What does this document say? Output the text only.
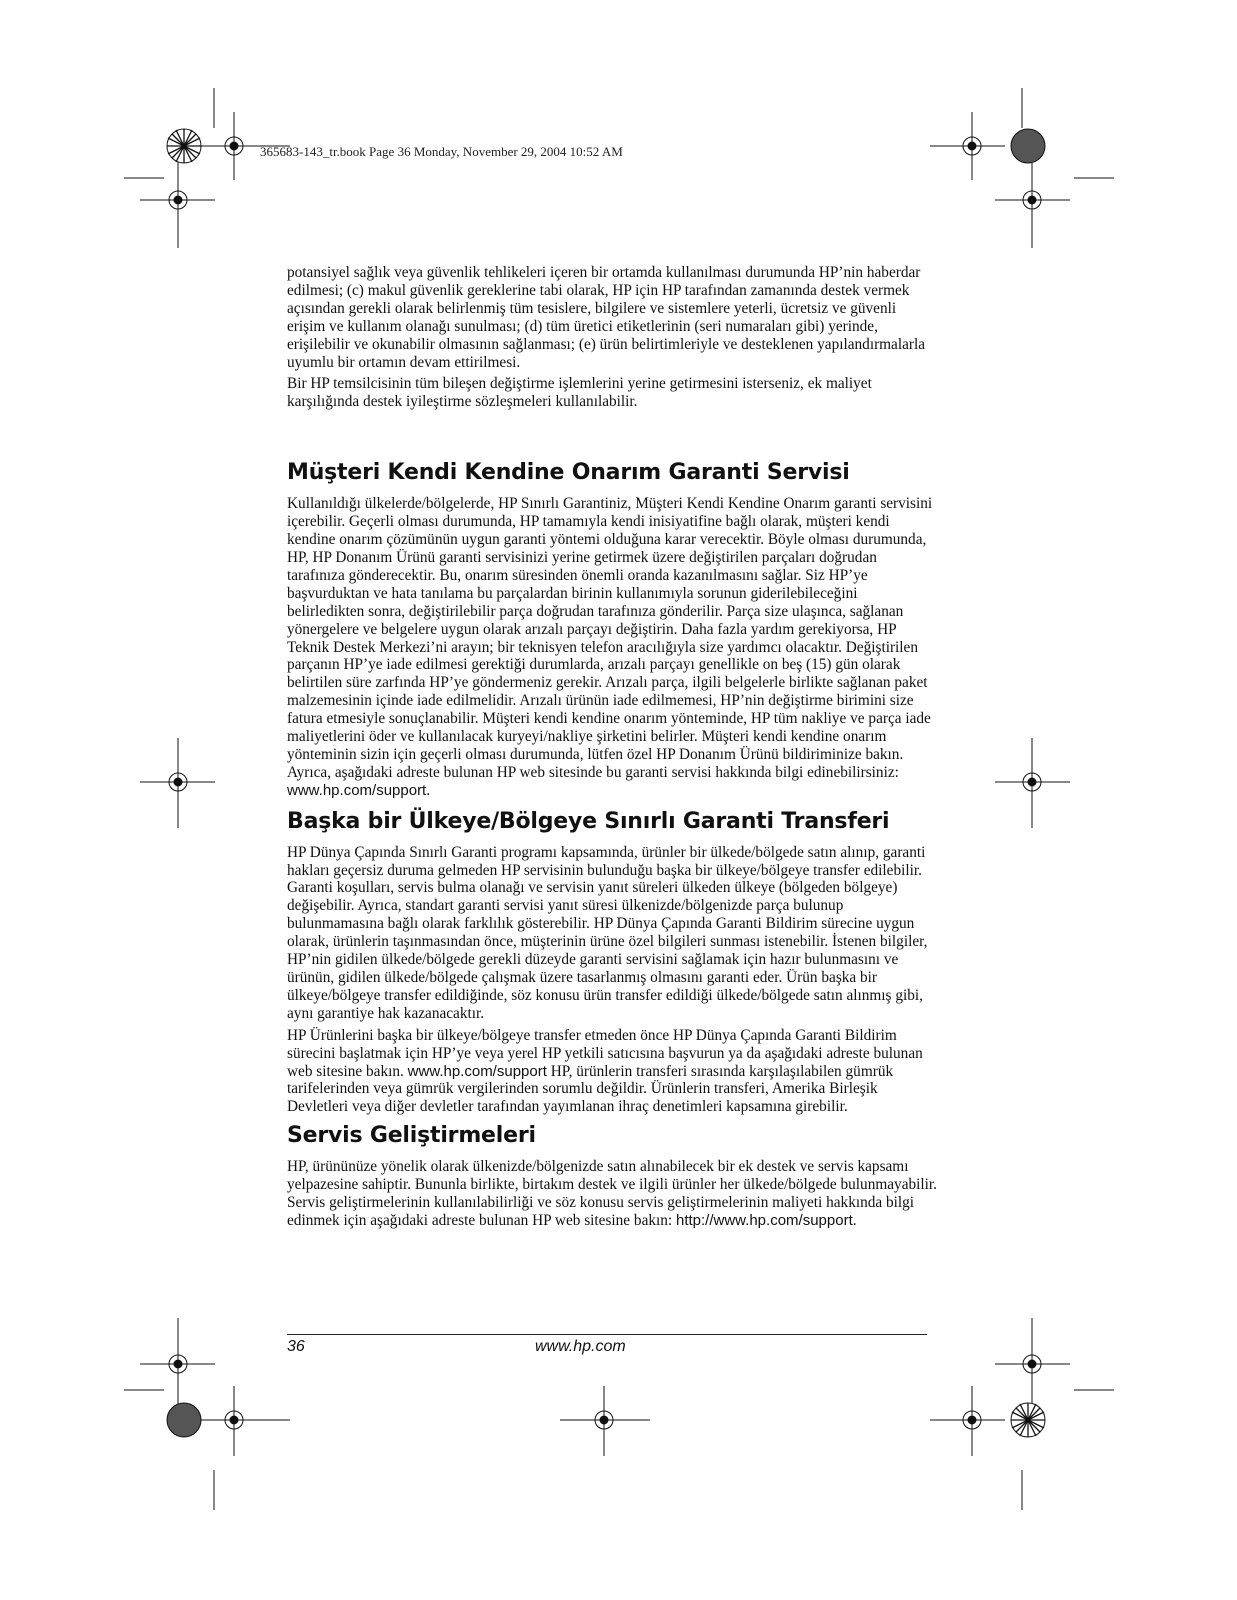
365683-143_tr.book Page 36 Monday, November 29, 2004 10:52 AM

potansiyel sağlık veya güvenlik tehlikeleri içeren bir ortamda kullanılması durumunda HP’nin haberdar edilmesi; (c) makul güvenlik gereklerine tabi olarak, HP için HP tarafından zamanında destek vermek açısından gerekli olarak belirlenmiş tüm tesislere, bilgilere ve sistemlere yeterli, ücretsiz ve güvenli erişim ve kullanım olanağı sunulması; (d) tüm üretici etiketlerinin (seri numaraları gibi) yerinde, erişilebilir ve okunabilir olmasının sağlanması; (e) ürün belirtimleriyle ve desteklenen yapılandırmalarla uyumlu bir ortamın devam ettirilmesi.

Bir HP temsilcisinin tüm bileşen değiştirme işlemlerini yerine getirmesini isterseniz, ek maliyet karşılığında destek iyileştirme sözleşmeleri kullanılabilir.

Müşteri Kendi Kendine Onarım Garanti Servisi

Kullanıldığı ülkelerde/bölgelerde, HP Sınırlı Garantiniz, Müşteri Kendi Kendine Onarım garanti servisini içerebilir. Geçerli olması durumunda, HP tamamıyla kendi inisiyatifine bağlı olarak, müşteri kendi kendine onarım çözümünün uygun garanti yöntemi olduğuna karar verecektir. Böyle olması durumunda, HP, HP Donanım Ürünü garanti servisinizi yerine getirmek üzere değiştirilen parçaları doğrudan tarafınıza gönderecektir. Bu, onarım süresinden önemli oranda kazanılmasını sağlar. Siz HP’ye başvurduktan ve hata tanılama bu parçalardan birinin kullanımıyla sorunun giderilebileceğini belirledikten sonra, değiştirilebilir parça doğrudan tarafınıza gönderilir. Parça size ulaşınca, sağlanan yönergelere ve belgelere uygun olarak arızalı parçayı değiştirin. Daha fazla yardım gerekiyorsa, HP Teknik Destek Merkezi’ni arayın; bir teknisyen telefon aracılığıyla size yardımcı olacaktır. Değiştirilen parçanın HP’ye iade edilmesi gerektiği durumlarda, arızalı parçayı genellikle on beş (15) gün olarak belirtilen süre zarfında HP’ye göndermeniz gerekir. Arızalı parça, ilgili belgelerle birlikte sağlanan paket malzemesinin içinde iade edilmelidir. Arızalı ürünün iade edilmemesi, HP’nin değiştirme birimini size fatura etmesiyle sonuçlanabilir. Müşteri kendi kendine onarım yönteminde, HP tüm nakliye ve parça iade maliyetlerini öder ve kullanılacak kuryeyi/nakliye şirketini belirler. Müşteri kendi kendine onarım yönteminin sizin için geçerli olması durumunda, lütfen özel HP Donanım Ürünü bildiriminize bakın. Ayrıca, aşağıdaki adreste bulunan HP web sitesinde bu garanti servisi hakkında bilgi edinebilirsiniz: www.hp.com/support.

Başka bir Ülkeye/Bölgeye Sınırlı Garanti Transferi

HP Dünya Çapında Sınırlı Garanti programı kapsamında, ürünler bir ülkede/bölgede satın alınıp, garanti hakları geçersiz duruma gelmeden HP servisinin bulunduğu başka bir ülkeye/bölgeye transfer edilebilir. Garanti koşulları, servis bulma olanağı ve servisin yanıt süreleri ülkeden ülkeye (bölgeden bölgeye) değişebilir. Ayrıca, standart garanti servisi yanıt süresi ülkenizde/bölgenizde parça bulunup bulunmamasına bağlı olarak farklılık gösterebilir. HP Dünya Çapında Garanti Bildirim sürecine uygun olarak, ürünlerin taşınmasından önce, müşterinin ürüne özel bilgileri sunması istenebilir. İstenen bilgiler, HP’nin gidilen ülkede/bölgede gerekli düzeyde garanti servisini sağlamak için hazır bulunmasını ve ürünün, gidilen ülkede/bölgede çalışmak üzere tasarlanmış olmasını garanti eder. Ürün başka bir ülkeye/bölgeye transfer edildiğinde, söz konusu ürün transfer edildiği ülkede/bölgede satın alınmış gibi, aynı garantiye hak kazanacaktır.

HP Ürünlerini başka bir ülkeye/bölgeye transfer etmeden önce HP Dünya Çapında Garanti Bildirim sürecini başlatmak için HP’ye veya yerel HP yetkili satıcısına başvurun ya da aşağıdaki adreste bulunan web sitesine bakın. www.hp.com/support HP, ürünlerin transferi sırasında karşılaşılabilen gümrük tarifelerinden veya gümrük vergilerinden sorumlu değildir. Ürünlerin transferi, Amerika Birleşik Devletleri veya diğer devletler tarafından yayımlanan ihraç denetimleri kapsamına girebilir.

Servis Geliştirmeleri

HP, ürününüze yönelik olarak ülkenizde/bölgenizde satın alınabilecek bir ek destek ve servis kapsamı yelpazesine sahiptir. Bununla birlikte, birtakım destek ve ilgili ürünler her ülkede/bölgede bulunmayabilir. Servis geliştirmelerinin kullanılabilirliği ve söz konusu servis geliştirmelerinin maliyeti hakkında bilgi edinmek için aşağıdaki adreste bulunan HP web sitesine bakın: http://www.hp.com/support.

36	www.hp.com
